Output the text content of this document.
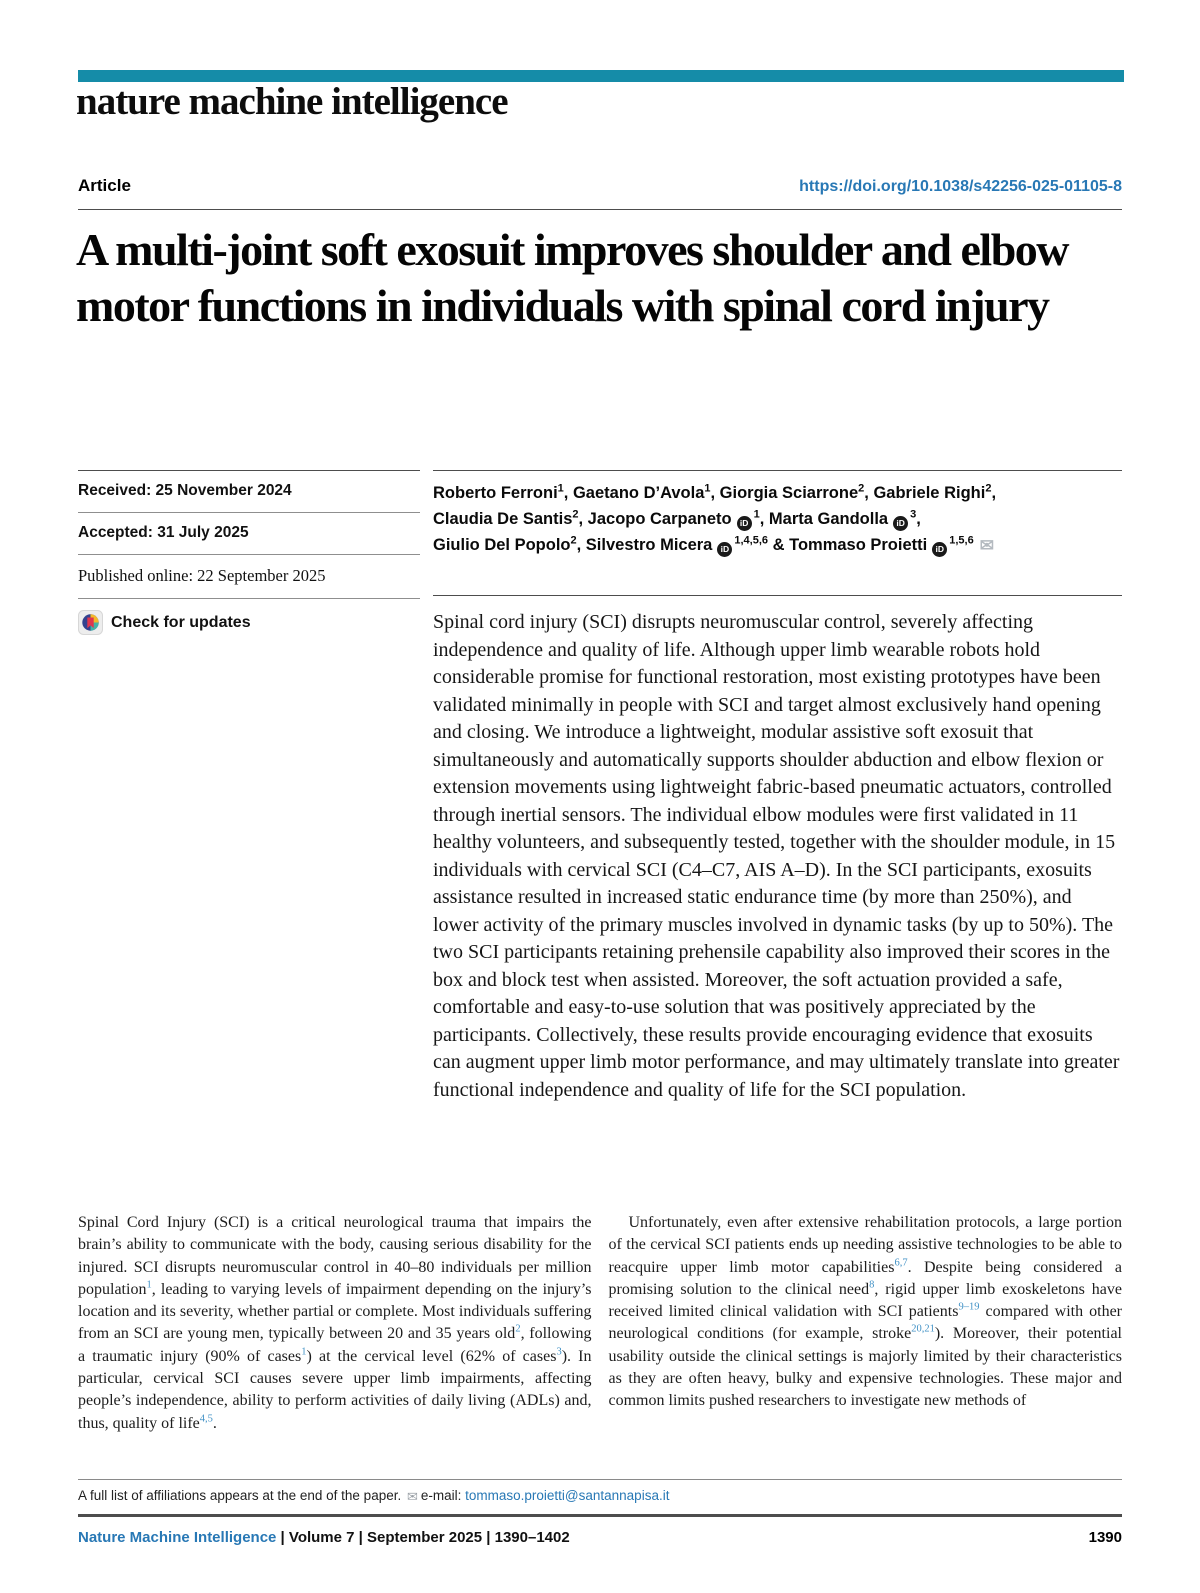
nature machine intelligence
Article	https://doi.org/10.1038/s42256-025-01105-8
A multi-joint soft exosuit improves shoulder and elbow motor functions in individuals with spinal cord injury
Received: 25 November 2024
Accepted: 31 July 2025
Published online: 22 September 2025
Check for updates
Roberto Ferroni$^1$, Gaetano D’Avola$^1$, Giorgia Sciarrone$^2$, Gabriele Righi$^2$,
Claudia De Santis$^2$, Jacopo Carpaneto $iD^1$, Marta Gandolla $iD^3$,
Giulio Del Popolo$^2$, Silvestro Micera iD$^{1,4,5,6}$ & Tommaso Proietti iD$^{1,5,6}$ ✉
Spinal cord injury (SCI) disrupts neuromuscular control, severely affecting independence and quality of life. Although upper limb wearable robots hold considerable promise for functional restoration, most existing prototypes have been validated minimally in people with SCI and target almost exclusively hand opening and closing. We introduce a lightweight, modular assistive soft exosuit that simultaneously and automatically supports shoulder abduction and elbow flexion or extension movements using lightweight fabric-based pneumatic actuators, controlled through inertial sensors. The individual elbow modules were first validated in 11 healthy volunteers, and subsequently tested, together with the shoulder module, in 15 individuals with cervical SCI (C4–C7, AIS A–D). In the SCI participants, exosuits assistance resulted in increased static endurance time (by more than 250%), and lower activity of the primary muscles involved in dynamic tasks (by up to 50%). The two SCI participants retaining prehensile capability also improved their scores in the box and block test when assisted. Moreover, the soft actuation provided a safe, comfortable and easy-to-use solution that was positively appreciated by the participants. Collectively, these results provide encouraging evidence that exosuits can augment upper limb motor performance, and may ultimately translate into greater functional independence and quality of life for the SCI population.

Spinal Cord Injury (SCI) is a critical neurological trauma that impairs the brain’s ability to communicate with the body, causing serious disability for the injured. SCI disrupts neuromuscular control in 40–80 individuals per million population$^1$, leading to varying levels of impairment depending on the injury’s location and its severity, whether partial or complete. Most individuals suffering from an SCI are young men, typically between 20 and 35 years old$^2$, following a traumatic injury (90% of cases$^1$) at the cervical level (62% of cases$^3$). In particular, cervical SCI causes severe upper limb impairments, affecting people’s independence, ability to perform activities of daily living (ADLs) and, thus, quality of life$^{4,5}$.

Unfortunately, even after extensive rehabilitation protocols, a large portion of the cervical SCI patients ends up needing assistive technologies to be able to reacquire upper limb motor capabilities$^{6,7}$. Despite being considered a promising solution to the clinical need$^8$, rigid upper limb exoskeletons have received limited clinical validation with SCI patients$^{9-19}$ compared with other neurological conditions (for example, stroke$^{20,21}$). Moreover, their potential usability outside the clinical settings is majorly limited by their characteristics as they are often heavy, bulky and expensive technologies. These major and common limits pushed researchers to investigate new methods of

A full list of affiliations appears at the end of the paper. ✉ e-mail: tommaso.proietti@santannapisa.it
Nature Machine Intelligence | Volume 7 | September 2025 | 1390–1402	1390
